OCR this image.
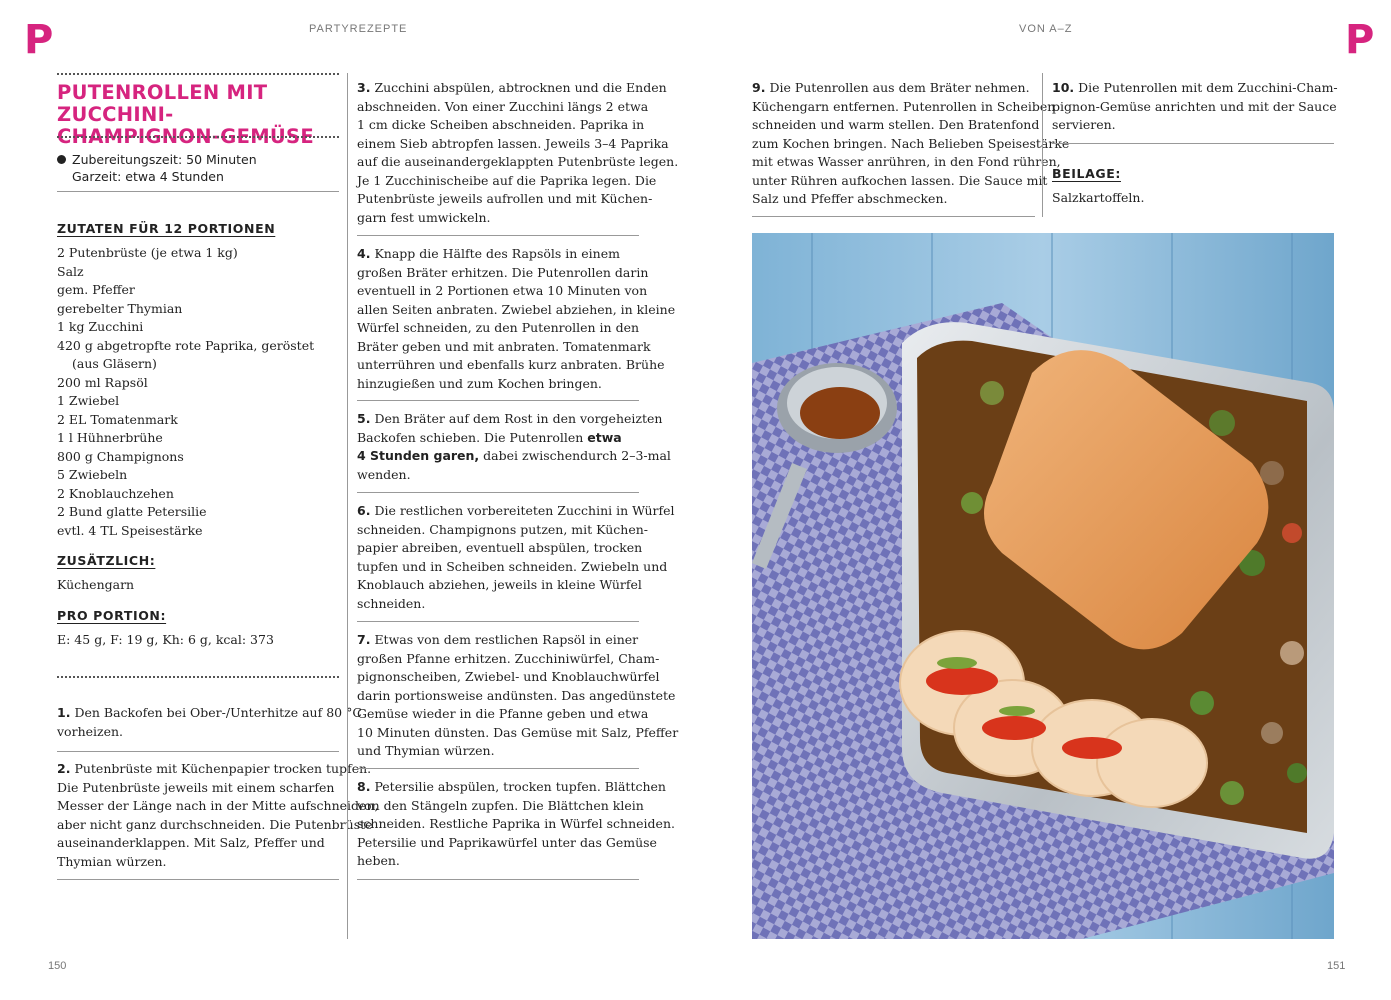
P	PARTYREZEPTE	VON A–Z	P
PUTENROLLEN MIT ZUCCHINI-
CHAMPIGNON-GEMÜSE
Zubereitungszeit: 50 Minuten
Garzeit: etwa 4 Stunden
ZUTATEN FÜR 12 PORTIONEN
2 Putenbrüste (je etwa 1 kg)
Salz
gem. Pfeffer
gerebelter Thymian
1 kg Zucchini
420 g abgetropfte rote Paprika, geröstet
(aus Gläsern)
200 ml Rapsöl
1 Zwiebel
2 EL Tomatenmark
1 l Hühnerbrühe
800 g Champignons
5 Zwiebeln
2 Knoblauchzehen
2 Bund glatte Petersilie
evtl. 4 TL Speisestärke
ZUSÄTZLICH:
Küchengarn
PRO PORTION:
E: 45 g, F: 19 g, Kh: 6 g, kcal: 373
1. Den Backofen bei Ober-/Unterhitze auf 80 °C
vorheizen.
2. Putenbrüste mit Küchenpapier trocken tupfen.
Die Putenbrüste jeweils mit einem scharfen
Messer der Länge nach in der Mitte aufschneiden,
aber nicht ganz durchschneiden. Die Putenbrüste
auseinanderklappen. Mit Salz, Pfeffer und
Thymian würzen.
3. Zucchini abspülen, abtrocknen und die Enden
abschneiden. Von einer Zucchini längs 2 etwa
1 cm dicke Scheiben abschneiden. Paprika in
einem Sieb abtropfen lassen. Jeweils 3–4 Paprika
auf die auseinandergeklappten Putenbrüste legen.
Je 1 Zucchinischeibe auf die Paprika legen. Die
Putenbrüste jeweils aufrollen und mit Küchen-
garn fest umwickeln.
4. Knapp die Hälfte des Rapsöls in einem
großen Bräter erhitzen. Die Putenrollen darin
eventuell in 2 Portionen etwa 10 Minuten von
allen Seiten anbraten. Zwiebel abziehen, in kleine
Würfel schneiden, zu den Putenrollen in den
Bräter geben und mit anbraten. Tomatenmark
unterrühren und ebenfalls kurz anbraten. Brühe
hinzugießen und zum Kochen bringen.
5. Den Bräter auf dem Rost in den vorgeheizten
Backofen schieben. Die Putenrollen etwa
4 Stunden garen, dabei zwischendurch 2–3-mal
wenden.
6. Die restlichen vorbereiteten Zucchini in Würfel
schneiden. Champignons putzen, mit Küchen-
papier abreiben, eventuell abspülen, trocken
tupfen und in Scheiben schneiden. Zwiebeln und
Knoblauch abziehen, jeweils in kleine Würfel
schneiden.
7. Etwas von dem restlichen Rapsöl in einer
großen Pfanne erhitzen. Zucchiniwürfel, Cham-
pignonscheiben, Zwiebel- und Knoblauchwürfel
darin portionsweise andünsten. Das angedünstete
Gemüse wieder in die Pfanne geben und etwa
10 Minuten dünsten. Das Gemüse mit Salz, Pfeffer
und Thymian würzen.
8. Petersilie abspülen, trocken tupfen. Blättchen
von den Stängeln zupfen. Die Blättchen klein
schneiden. Restliche Paprika in Würfel schneiden.
Petersilie und Paprikawürfel unter das Gemüse
heben.
9. Die Putenrollen aus dem Bräter nehmen.
Küchengarn entfernen. Putenrollen in Scheiben
schneiden und warm stellen. Den Bratenfond
zum Kochen bringen. Nach Belieben Speisestärke
mit etwas Wasser anrühren, in den Fond rühren,
unter Rühren aufkochen lassen. Die Sauce mit
Salz und Pfeffer abschmecken.
10. Die Putenrollen mit dem Zucchini-Cham-
pignon-Gemüse anrichten und mit der Sauce
servieren.
BEILAGE:
Salzkartoffeln.
150	151
